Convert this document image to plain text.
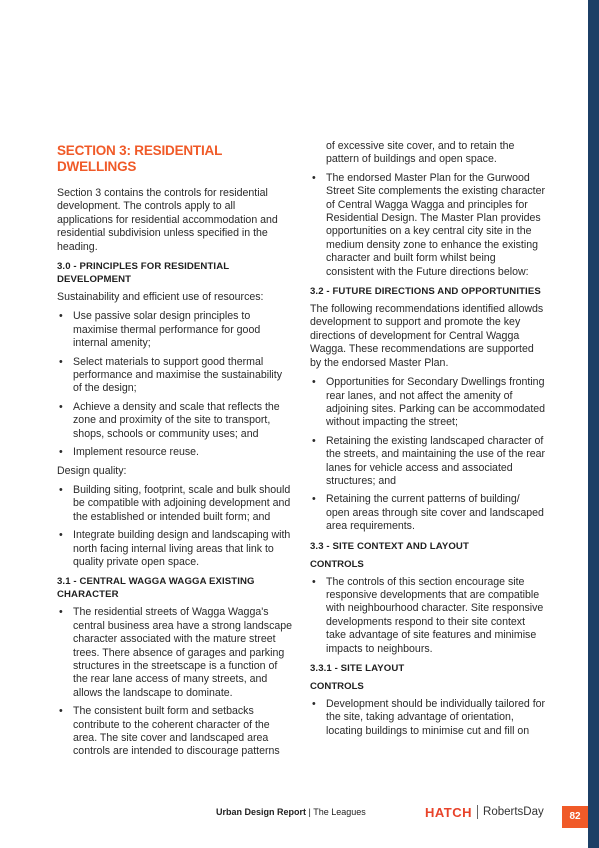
SECTION 3: RESIDENTIAL DWELLINGS

Section 3 contains the controls for residential development. The controls apply to all applications for residential accommodation and residential subdivision unless specified in the heading.

3.0 - PRINCIPLES FOR RESIDENTIAL DEVELOPMENT

Sustainability and efficient use of resources:

• Use passive solar design principles to maximise thermal performance for good internal amenity;
• Select materials to support good thermal performance and maximise the sustainability of the design;
• Achieve a density and scale that reflects the zone and proximity of the site to transport, shops, schools or community uses; and
• Implement resource reuse.

Design quality:

• Building siting, footprint, scale and bulk should be compatible with adjoining development and the established or intended built form; and
• Integrate building design and landscaping with north facing internal living areas that link to quality private open space.
3.1 - CENTRAL WAGGA WAGGA EXISTING CHARACTER
• The residential streets of Wagga Wagga's central business area have a strong landscape character associated with the mature street trees. There absence of garages and parking structures in the streetscape is a function of the rear lane access of many streets, and allows the landscape to dominate.
• The consistent built form and setbacks contribute to the coherent character of the area. The site cover and landscaped area controls are intended to discourage patterns

of excessive site cover, and to retain the pattern of buildings and open space.

• The endorsed Master Plan for the Gurwood Street Site complements the existing character of Central Wagga Wagga and principles for Residential Design. The Master Plan provides opportunities on a key central city site in the medium density zone to enhance the existing character and built form whilst being consistent with the Future directions below:
3.2 - FUTURE DIRECTIONS AND OPPORTUNITIES

The following recommendations identified allowds development to support and promote the key directions of development for Central Wagga Wagga. These recommendations are supported by the endorsed Master Plan.

• Opportunities for Secondary Dwellings fronting rear lanes, and not affect the amenity of adjoining sites. Parking can be accommodated without impacting the street;
• Retaining the existing landscaped character of the streets, and maintaining the use of the rear lanes for vehicle access and associated structures; and
• Retaining the current patterns of building/ open areas through site cover and landscaped area requirements.
3.3 - SITE CONTEXT AND LAYOUT
CONTROLS
• The controls of this section encourage site responsive developments that are compatible with neighbourhood character. Site responsive developments respond to their site context take advantage of site features and minimise impacts to neighbours.
3.3.1 - SITE LAYOUT
CONTROLS
• Development should be individually tailored for the site, taking advantage of orientation, locating buildings to minimise cut and fill on
Urban Design Report | The Leagues	HATCH RobertsDay	82
